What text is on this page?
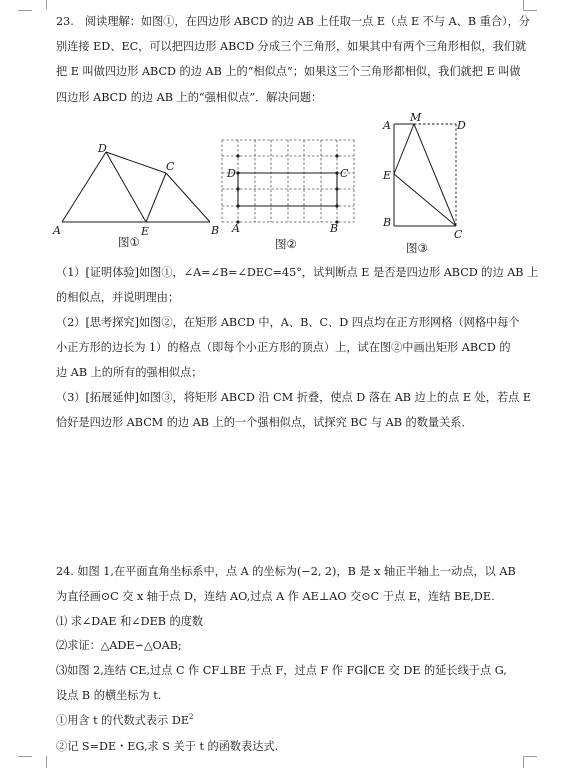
23.　阅读理解：如图①，在四边形 ABCD 的边 AB 上任取一点 E（点 E 不与 A、B 重合），分
别连接 ED、EC，可以把四边形 ABCD 分成三个三角形，如果其中有两个三角形相似，我们就
把 E 叫做四边形 ABCD 的边 AB 上的“相似点”；如果这三个三角形都相似，我们就把 E 叫做
四边形 ABCD 的边 AB 上的“强相似点”．解决问题：
A	B
C
D
E
图①
D	C
A	B
图②
A
M
D
E
B
C
图③
（1）[证明体验]如图①，∠A=∠B=∠DEC=45°，试判断点 E 是否是四边形 ABCD 的边 AB 上
的相似点，并说明理由；
（2）[思考探究]如图②，在矩形 ABCD 中，A、B、C、D 四点均在正方形网格（网格中每个
小正方形的边长为 1）的格点（即每个小正方形的顶点）上，试在图②中画出矩形 ABCD 的
边 AB 上的所有的强相似点；
（3）[拓展延伸]如图③，将矩形 ABCD 沿 CM 折叠，使点 D 落在 AB 边上的点 E 处，若点 E
恰好是四边形 ABCM 的边 AB 上的一个强相似点，试探究 BC 与 AB 的数量关系．
24. 如图 1,在平面直角坐标系中，点 A 的坐标为(−2, 2)，B 是 x 轴正半轴上一动点，以 AB
为直径画⊙C 交 x 轴于点 D，连结 AO,过点 A 作 AE⊥AO 交⊙C 于点 E，连结 BE,DE.
⑴ 求∠DAE 和∠DEB 的度数
⑵求证：△ADE∽△OAB;
⑶如图 2,连结 CE,过点 C 作 CF⊥BE 于点 F，过点 F 作 FG∥CE 交 DE 的延长线于点 G,
设点 B 的横坐标为 t.
①用含 t 的代数式表示 $DE^2$
②记 S=DE・EG,求 S 关于 t 的函数表达式.
